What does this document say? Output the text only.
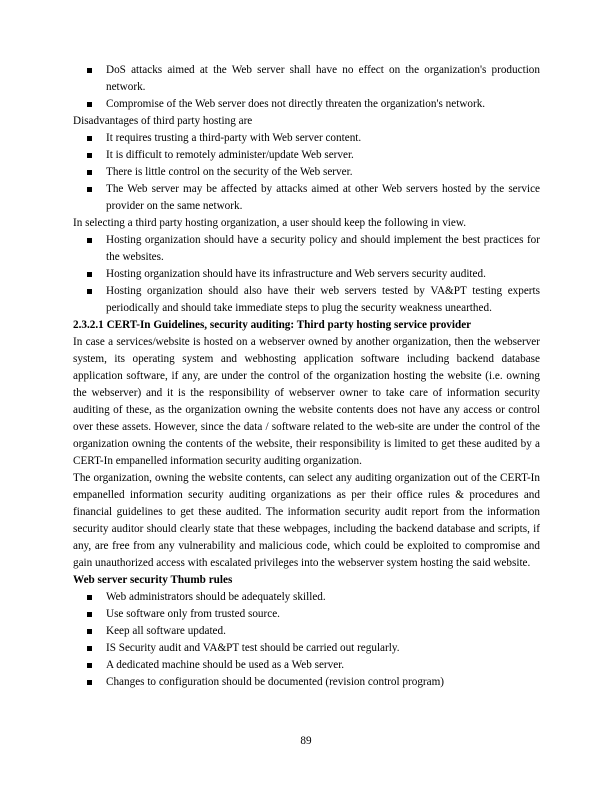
DoS attacks aimed at the Web server shall have no effect on the organization's production network.
Compromise of the Web server does not directly threaten the organization's network.

Disadvantages of third party hosting are

It requires trusting a third-party with Web server content.
It is difficult to remotely administer/update Web server.
There is little control on the security of the Web server.
The Web server may be affected by attacks aimed at other Web servers hosted by the service provider on the same network.

In selecting a third party hosting organization, a user should keep the following in view.

Hosting organization should have a security policy and should implement the best practices for the websites.
Hosting organization should have its infrastructure and Web servers security audited.
Hosting organization should also have their web servers tested by VA&PT testing experts periodically and should take immediate steps to plug the security weakness unearthed.

2.3.2.1 CERT-In Guidelines, security auditing: Third party hosting service provider

In case a services/website is hosted on a webserver owned by another organization, then the webserver system, its operating system and webhosting application software including backend database application software, if any, are under the control of the organization hosting the website (i.e. owning the webserver) and it is the responsibility of webserver owner to take care of information security auditing of these, as the organization owning the website contents does not have any access or control over these assets. However, since the data / software related to the web-site are under the control of the organization owning the contents of the website, their responsibility is limited to get these audited by a CERT-In empanelled information security auditing organization.

The organization, owning the website contents, can select any auditing organization out of the CERT-In empanelled information security auditing organizations as per their office rules & procedures and financial guidelines to get these audited. The information security audit report from the information security auditor should clearly state that these webpages, including the backend database and scripts, if any, are free from any vulnerability and malicious code, which could be exploited to compromise and gain unauthorized access with escalated privileges into the webserver system hosting the said website.

Web server security Thumb rules

Web administrators should be adequately skilled.
Use software only from trusted source.
Keep all software updated.
IS Security audit and VA&PT test should be carried out regularly.
A dedicated machine should be used as a Web server.
Changes to configuration should be documented (revision control program)
89
